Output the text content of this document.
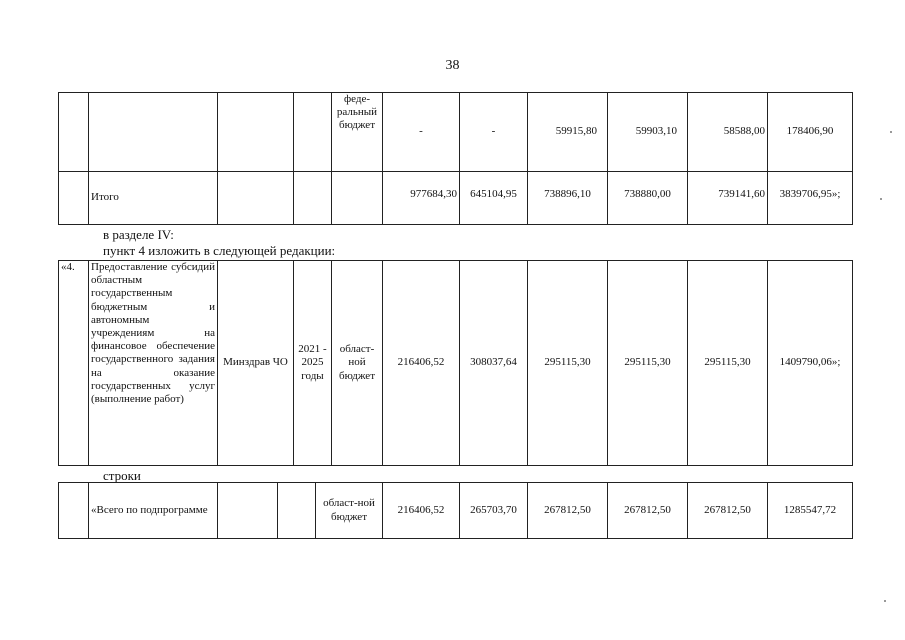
38
				феде-ральный бюджет	-	-	59915,80	59903,10	58588,00	178406,90
	Итого				977684,30	645104,95	738896,10	738880,00	739141,60	3839706,95»;
в разделе IV:
пункт 4 изложить в следующей редакции:
«4.	Предоставление субсидий областным государственным бюджетным и автономным учреждениям на финансовое обеспечение государственного задания на оказание государственных услуг (выполнение работ)	Минздрав ЧО	2021 - 2025 годы	област-ной бюджет	216406,52	308037,64	295115,30	295115,30	295115,30	1409790,06»;
строки
	«Всего по подпрограмме			област-ной бюджет	216406,52	265703,70	267812,50	267812,50	267812,50	1285547,72
